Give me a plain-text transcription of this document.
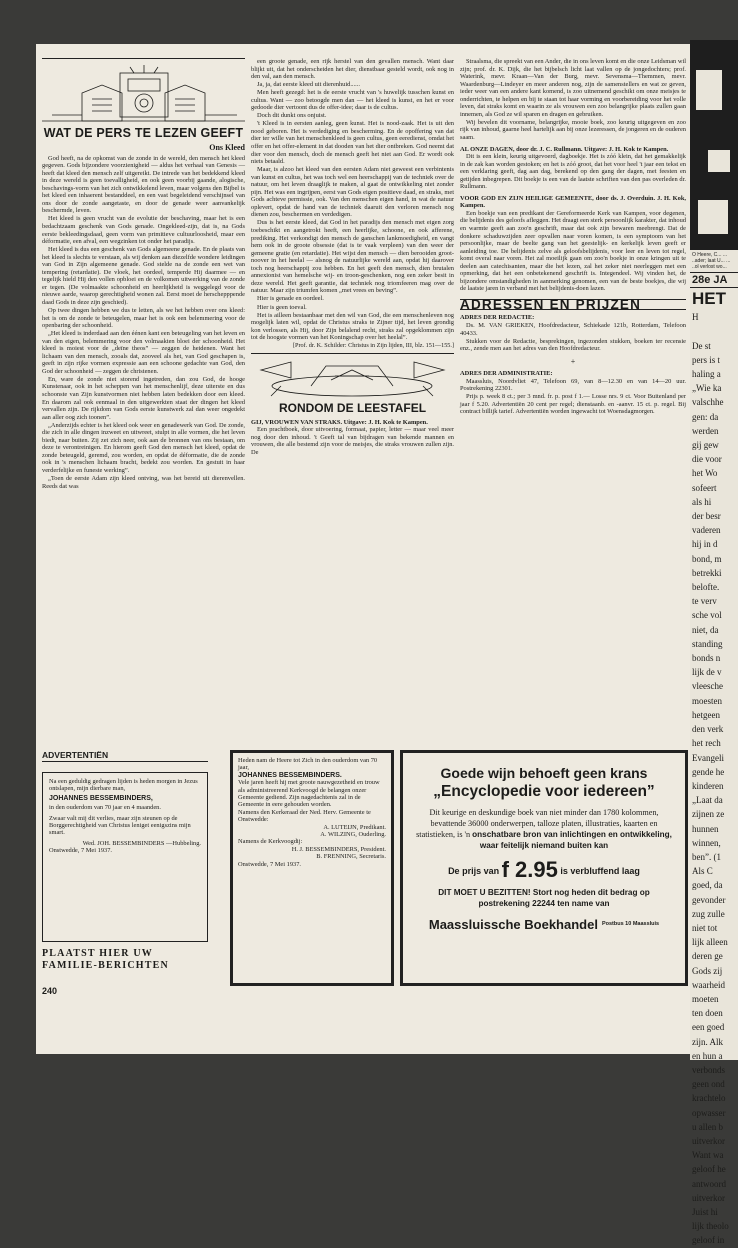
WAT DE PERS TE LEZEN GEEFT
Ons Kleed

God heeft, na de opkomst van de zonde in de wereld, den mensch het kleed gegeven. Gods bijzondere voorzienigheid — aldus het verhaal van Genesis — heeft dat kleed den mensch zelf uitgereikt. De intrede van het bedekkend kleed in deze wereld is geen toevalligheid, en ook geen voorbij gaande, alogische, beschavings-vorm van het zich ontwikkelend leven, maar volgens den Bijbel is het kleed een inhaerent bestanddeel, en een vast begeleidend verschijnsel van ons door de zonde aangetaste, en door de genade weer aanvankelijk beschermde, leven.

Het kleed is geen vrucht van de evolutie der beschaving, maar het is een bedachtzaam geschenk van Gods genade. Ongekleed-zijn, dat is, na Gods eerste bekleedingsdaad, geen vorm van primitieve cultuurloosheid, maar een déformatie, een afval, een wegzinken tot onder het paradijs.

Het kleed is dus een geschenk van Gods algemeene genade. En de plaats van het kleed is slechts te verstaan, als wij denken aan diezelfde wondere leidingen van God in Zijn algemeene genade. God stelde na de zonde een wet van tempering (retardatie). De vloek, het oordeel, temperde Hij daarmee — en tegelijk hield Hij den vollen opbloei en de volkomen uitwerking van de zonde er tegen. (De volmaakte schoonheid en heerlijkheid is weggelegd voor de nieuwe aarde, waarop gerechtigheid wonen zal. Eerst moet de herschepppende daad Gods in deze zijn geschied).

Op twee dingen hebben we dus te letten, als we het hebben over ons kleed: het is om de zonde te beteugelen, maar het is ook een belemmering voor de openbaring der schoonheid.

„Het kleed is inderdaad aan den éénen kant een beteugeling van het leven en van den eigen, belemmering voor den volmaakten bloei der schoonheid. Het kleed is moiest voor de „deïne theos” — zeggen de heidenen. Want het lichaam van den mensch, zooals dat, zooveel als het, van God geschapen is, geeft in zijn rijke vormen expressie aan een schoone gedachte van God, den God der schoonheid — zeggen de christenen.

En, ware de zonde niet storend ingetreden, dan zou God, de hooge Kunstenaar, ook in het scheppen van het menschenlijf, deze uiterste en dus schoonste van Zijn kunstvormen niet hebben laten bedekken door een kleed. En daarom zal ook eenmaal in den uitgewerkten staat der dingen het kleed vervallen zijn. De rijkdom van Gods eerste kunstwerk zal dan weer ongedekt aan aller oog zich toonen”.

„Anderzijds echter is het kleed ook weer en genadewerk van God. De zonde, die zich in alle dingen inzweet en uitwreet, stulpt in alle vormen, die het leven biedt, naar buiten. Zij zet zich neer, ook aan de bronnen van ons bestaan, om deze te verontreinigen. En hierom geeft God den mensch het kleed, opdat de zonde beteugeld, geremd, zou worden, en opdat de déformatie, die de zonde ook in 's menschen lichaam bracht, bedekt zou worden. En gestuit in haar verderfelijke en funeste werking”.

„Toen de eerste Adam zijn kleed ontving, was het bereid uit dierenvellen. Reeds dat was

een groote genade, een rijk herstel van den gevallen mensch. Want daar blijkt uit, dat het onderscheiden het dier, dienstbaar gesteld wordt, ook nog in den val, aan den mensch.

Ja, ja, dat eerste kleed uit dierenhuid......

Men heeft gezegd: het is de eerste vrucht van 's huwelijk tusschen kunst en cultus. Want — zoo betoogde men dan — het kleed is kunst, en het er voor gedoode dier vertoont dus de offer-idee; daar is de cultus.

Doch dit dunkt ons onjuist.

't Kleed is in eersten aanleg, geen kunst. Het is nood-zaak. Het is uit den nood geboren. Het is verdediging en bescherming. En de opoffering van dat dier ter wille van het menschenkleed is geen cultus, geen eeredienst, omdat het offer en het offer-element in dat dooden van het dier ontbreken. God neemt dat dier voor den mensch, doch de mensch geeft het niet aan God. Er wordt ook niets betaald.

Maar, is alzoo het kleed van den eersten Adam niet geweest een verbintenis van kunst en cultus, het was toch wel een heerschappij van de techniek over de natuur, om het leven draaglijk te maken, al gaat de ontwikkeling niet zonder pijn. Het was een ingrijpen, eerst van Gods eigen positieve daad, en straks, met Gods achteve permissie, ook. Van den menschen eigen hand, in wat de natuur oplevert, opdat de hand van de techniek daaruit den verloren mensch nog dienen zou, beschermen en verdedigen.

Dus is het eerste kleed, dat God in het paradijs den mensch met eigen zorg toebeschikt en aangetrokt heeft, een heerlijke, schoone, en ook afferene, prediking. Het verkondigt den mensch de ganschen lankmoedigheid, en vangt hem ook in de groote obsessie (dat is te vaak verpleen) van den weer der gemeene gratie (en retardatie). Het wijst den mensch — dien berooiden groot-noover in het heelal — alsnog de natuurlijke wereld aan, opdat hij daarover toch nog heerschappij zou hebben. En het geeft den mensch, dien brutalen annexionist van hemelsche wij- en troon-geschenken, nog een zeker besit in deze wereld. Het geeft garantie, dat techniek nog triomfeeren mag over de natuur. Maar zijn triumfen komen „met vrees en beving”.

Hier is genade en oordeel.

Hier is geen toeval.

Het is ailleen bestaanbaar met den wil van God, die een menschenleven nog mogelijk laten wil, opdat de Christus straks te Zijner tijd, het leven grondig kon verlossen, als Hij, door Zijn belalend recht, straks zal opgeklommen zijn tot de hoogste vormen van het Koningschap over het heelal”.

[Prof. dr. K. Schilder: Christus in Zijn lijden, III, blz. 151—155.]
RONDOM DE LEESTAFEL
GIJ, VROUWEN VAN STRAKS. Uitgave: J. H. Kok te Kampen.

Een prachtboek, door uitvoering, formaat, papier, letter — maar veel meer nog door den inhoud. 't Geeft tal van bijdragen van bekende mannen en vrouwen, die alle bestemd zijn voor de meisjes, die straks vrouwen zullen zijn. De

Straalsma, die spreekt van een Ander, die in ons leven komt en die onze Leidsman wil zijn; prof. dr. K. Dijk, die het bijbelsch licht laat vallen op de jongedochters; prof. Waterink, mevr. Kraan—Van der Burg, mevr. Sevensma—Themmen, mevr. Waardenburg—Lindeyer en meer anderen nog, zijn de samenstellers en wat ze geven, ieder weer van een andere kant komend, is zoo uitnemend geschikt om onze meisjes te onderrichten, te helpen en bij te staan tot haar vorming en voorbereiding voor het volle leven, dat straks komt en waarin ze als vrouwen een zoo belangrijke plaats zullen gaan innemen, als God ze wil sparen en dragen en gebruiken.

Wij bevelen dit voorname, belangrijke, mooie boek, zoo keurig uitgegeven en zoo rijk van inhoud, gaarne heel hartelijk aan bij onze lezeressen, de jongeren en de ouderen saam.

AL ONZE DAGEN, door dr. J. C. Rullmann. Uitgave: J. H. Kok te Kampen.

Dit is een klein, keurig uitgevoerd, dagboekje. Het is zóó klein, dat het gemakkelijk in de zak kan worden gestoken; en het is zóó groot, dat het voor heel 't jaar een tekst en een verklaring geeft, dag aan dag, berekend op den gang der dagen, met feesten en getijden inbegrepen. Dit boekje is een van de laatste schriften van den pas overleden dr. Rullmann.

VOOR GOD EN ZIJN HEILIGE GEMEENTE, door ds. J. Overduin. J. H. Kok, Kampen.

Een boekje van een predikant der Gereformeerde Kerk van Kampen, voor degenen, die belijdenis des geloofs afleggen. Het draagt een sterk persoonlijk karakter, dat inhoud en warmte geeft aan zoo'n geschrift, maar dat ook zijn bewaren meebrengt. Dat de donkere schaduwzijden zeer opvallen naar voren komen, is een symptoom van het persoonlijke, maar de beelte gang van het geestelijk- en kerkelijk leven geeft er aanleiding toe. De belijdenis zelve als geloofsbelijdenis, voor leer en leven tot regel, komt overal naar voren. Het zal moeilijk gaan om zoo'n boekje in onze kringen uit te deelen aan catechisanten, maar die het lezen, zal het zeker niet neerleggen met een opmerking, dat het een onbetekenend geschrift is. Integendeel. Wij vinden het, de bijzondere omstandigheden in aanmerking genomen, een van de beste boekjes, die wij de laatste jaren in verband met het belijdenis-doen lazen.

ADRESSEN EN PRIJZEN
ADRES DER REDACTIE:

Ds. M. VAN GRIEKEN, Hoofdredacteur, Schiekade 121b, Rotterdam, Telefoon 40433.

Stukken voor de Redactie, besprekingen, ingezonden stukken, boeken ter recensie enz., zende men aan het adres van den Hoofdredacteur.

+
ADRES DER ADMINISTRATIE:

Maassluis, Noordvliet 47, Telefoon 69, van 8—12.30 en van 14—20 uur. Postrekening 22301.

Prijs p. week 8 ct.; per 3 mnd. fr. p. post f 1.— Losse nrs. 9 ct. Voor Buitenland per jaar f 5.20. Advertentiën 20 cent per regel; dienstaanb. en -aanvr. 15 ct. p. regel. Bij contract billijk tarief. Advertentiën worden ingewacht tot Woensdagmorgen.

ADVERTENTIËN
Na een geduldig gedragen lijden is heden morgen in Jezus ontslapen, mijn dierbare man,
JOHANNES BESSEMBINDERS,
in den ouderdom van 70 jaar en 4 maanden.
Zwaar valt mij dit verlies, maar zijn steunen op de Borggerechtigheid van Christus leniget eenigszins mijn smart.
Wed. JOH. BESSEMBINDERS —Hubbeling.
Onstwedde, 7 Mei 1937.
PLAATST HIER UW FAMILIE-BERICHTEN
240
Heden nam de Heere tot Zich in den ouderdom van 70 jaar,
JOHANNES BESSEMBINDERS.
Vele jaren heeft hij met groote nauwgezetheid en trouw als administreerend Kerkvoogd de belangen onzer Gemeente gediend. Zijn nagedachtenis zal in de Gemeente in eere gehouden worden.
Namens den Kerkeraad der Ned. Herv. Gemeente te Onstwedde:
A. LUTEIJN, Predikant.
A. WILZING, Ouderling.
Namens de Kerkvoogdij:
H. J. BESSEMBINDERS, President.
B. FRENNING, Secretaris.
Onstwedde, 7 Mei 1937.
Goede wijn behoeft geen krans
„Encyclopedie voor iedereen”
Dit keurige en deskundige boek van niet minder dan 1780 kolommen, bevattende 36000 onderwerpen, talloze platen, illustraties, kaarten en statistieken, is 'n onschatbare bron van inlichtingen en ontwikkeling, waar feitelijk niemand buiten kan
De prijs van f 2.95 is verbluffend laag
DIT MOET U BEZITTEN! Stort nog heden dit bedrag op postrekening 22244 ten name van
Maassluissche Boekhandel Postbus 10 Maassluis
O Heere, C... ... ..ader; laat U... ... ..ol verlost wo...
28e JA
HET
H

De st
pers is t
haling a
„Wie ka
valschhe
gen: da
werden
gij gew
die voor
het Wo
sofeert
als hi
der besr
vaderen
hij in d
bond, m
betrekki
belofte.
te verv
sche vol
niet, da
standing
bonds n
lijk de v
vleesche
moesten
hetgeen
den verk
het rech
Evangeli
gende he
kinderen
„Laat da
zijnen ze
hunnen
winnen,
ben”. (1
Als C
goed, da
gevonder
zug zulle
niet tot
lijk alleen
deren ge
Gods zij
waarheid
moeten
ten doen
een goed
zijn. Alk
en hun a
verbonds
geen ond
krachtelo
opwasser
u allen b
uitverkor
Want wa
geloof he
antwoord
uitverkor
Juist hi
lijk theolo
geloof in
